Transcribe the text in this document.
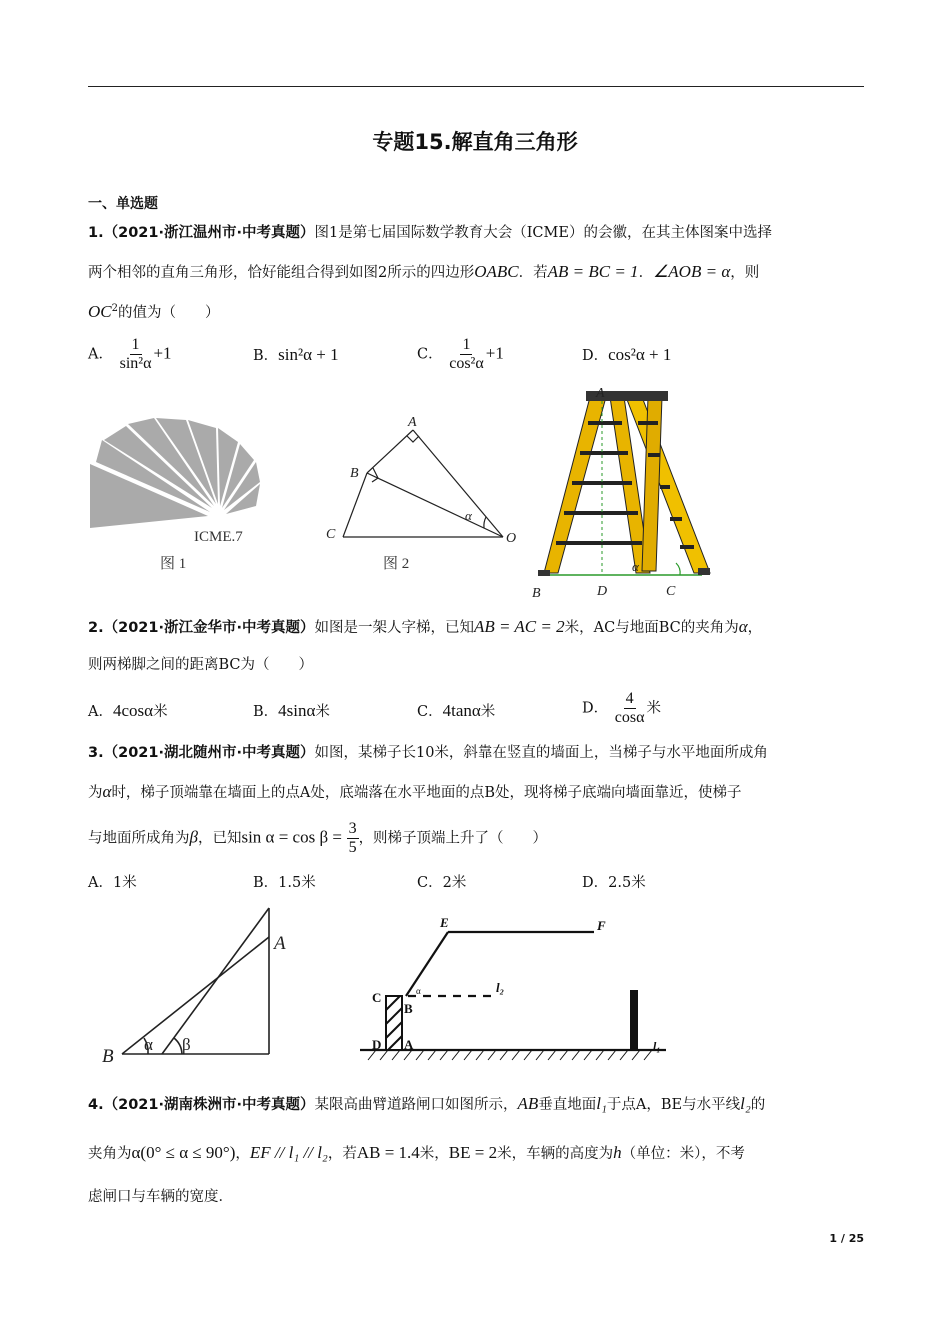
专题15.解直角三角形
一、单选题
1.（2021·浙江温州市·中考真题）图1是第七届国际数学教育大会（ICME）的会徽，在其主体图案中选择
两个相邻的直角三角形，恰好能组合得到如图2所示的四边形OABC．若AB = BC = 1．∠AOB = α，则
$OC^2$的值为（　　）
A． $\frac{1}{\text{sin²α}} +1$	B．sin²α + 1	C． $\frac{1}{\text{cos²α}} +1$	D．cos²α + 1
ICME.7
图 1
A
B
C	O
α
图 2
A
B	D	C
α
2.（2021·浙江金华市·中考真题）如图是一架人字梯，已知AB = AC = 2米，AC与地面BC的夹角为α，
则两梯脚之间的距离BC为（　　）
A．4cosα米	B．4sinα米	C．4tanα米	D． $\frac{4}{\cos\alpha}$ 米
3.（2021·湖北随州市·中考真题）如图，某梯子长10米，斜靠在竖直的墙面上，当梯子与水平地面所成角
为α时，梯子顶端靠在墙面上的点A处，底端落在水平地面的点B处，现将梯子底端向墙面靠近，使梯子
与地面所成角为β，已知$\sin \alpha = \cos \beta = \frac{3}{5}$ ，则梯子顶端上升了（　　）
A．1米	B．1.5米	C．2米	D．2.5米
A
B
α β
E	F
C
B
D A
l₂
l₁
α
4.（2021·湖南株洲市·中考真题）某限高曲臂道路闸口如图所示，AB垂直地面l₁于点A，BE与水平线l₂的
夹角为α(0° ≤ α ≤ 90°)，EF // l₁ // l₂，若AB = 1.4米，BE = 2米，车辆的高度为h（单位：米），不考
虑闸口与车辆的宽度．
1 / 25
